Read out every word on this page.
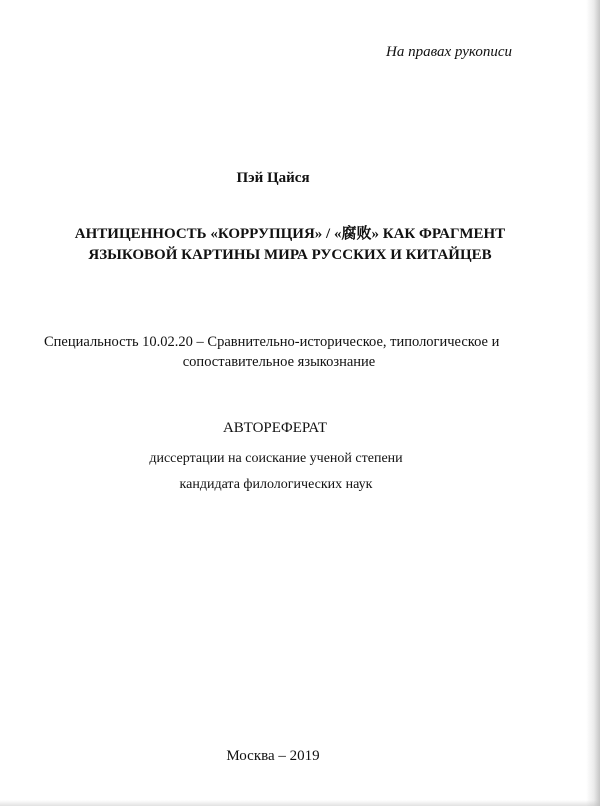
На правах рукописи
Пэй Цайся
АНТИЦЕННОСТЬ «КОРРУПЦИЯ» / «腐败» КАК ФРАГМЕНТ
ЯЗЫКОВОЙ КАРТИНЫ МИРА РУССКИХ И КИТАЙЦЕВ
Специальность 10.02.20 – Сравнительно-историческое, типологическое и
сопоставительное языкознание
АВТОРЕФЕРАТ
диссертации на соискание ученой степени
кандидата филологических наук
Москва – 2019
